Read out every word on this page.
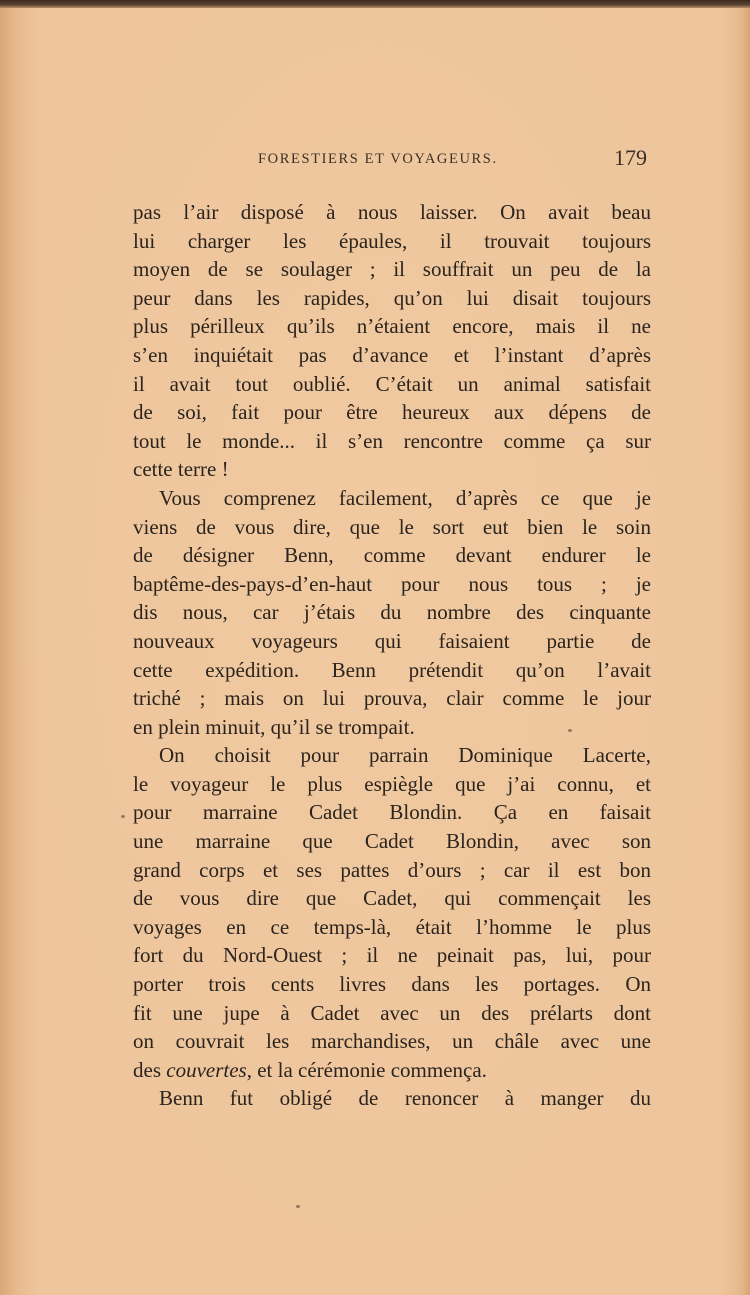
FORESTIERS ET VOYAGEURS.	179
pas l’air disposé à nous laisser. On avait beau
lui charger les épaules, il trouvait toujours
moyen de se soulager ; il souffrait un peu de la
peur dans les rapides, qu’on lui disait toujours
plus périlleux qu’ils n’étaient encore, mais il ne
s’en inquiétait pas d’avance et l’instant d’après
il avait tout oublié. C’était un animal satisfait
de soi, fait pour être heureux aux dépens de
tout le monde... il s’en rencontre comme ça sur
cette terre !
Vous comprenez facilement, d’après ce que je
viens de vous dire, que le sort eut bien le soin
de désigner Benn, comme devant endurer le
baptême-des-pays-d’en-haut pour nous tous ; je
dis nous, car j’étais du nombre des cinquante
nouveaux voyageurs qui faisaient partie de
cette expédition. Benn prétendit qu’on l’avait
triché ; mais on lui prouva, clair comme le jour
en plein minuit, qu’il se trompait.
On choisit pour parrain Dominique Lacerte,
le voyageur le plus espiègle que j’ai connu, et
pour marraine Cadet Blondin. Ça en faisait
une marraine que Cadet Blondin, avec son
grand corps et ses pattes d’ours ; car il est bon
de vous dire que Cadet, qui commençait les
voyages en ce temps-là, était l’homme le plus
fort du Nord-Ouest ; il ne peinait pas, lui, pour
porter trois cents livres dans les portages. On
fit une jupe à Cadet avec un des prélarts dont
on couvrait les marchandises, un châle avec une
des couvertes, et la cérémonie commença.
Benn fut obligé de renoncer à manger du
